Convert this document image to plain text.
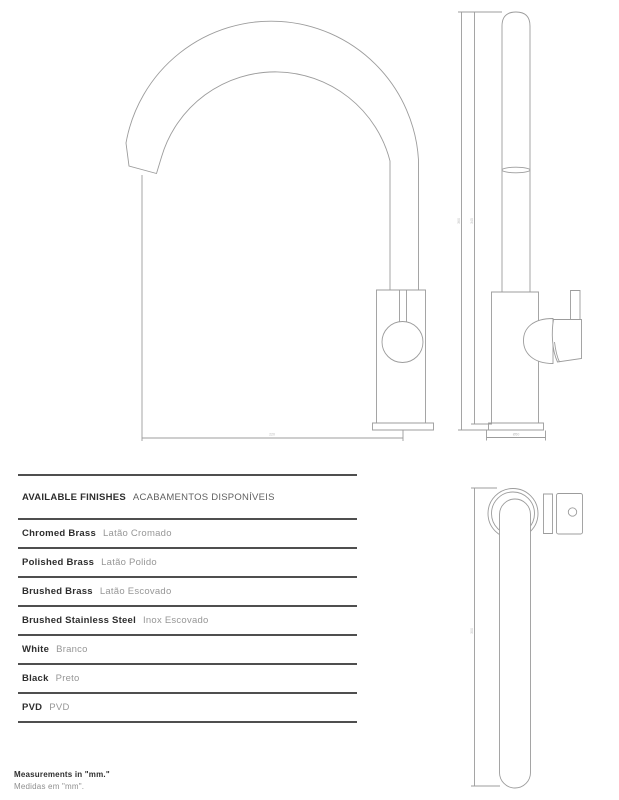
220
360	345
Ø50
300
AVAILABLE FINISHES ACABAMENTOS DISPONÍVEIS
Chromed Brass Latão Cromado
Polished Brass Latão Polido
Brushed Brass Latão Escovado
Brushed Stainless Steel Inox Escovado
White Branco
Black Preto
PVD PVD
Measurements in "mm."
Medidas em "mm".
